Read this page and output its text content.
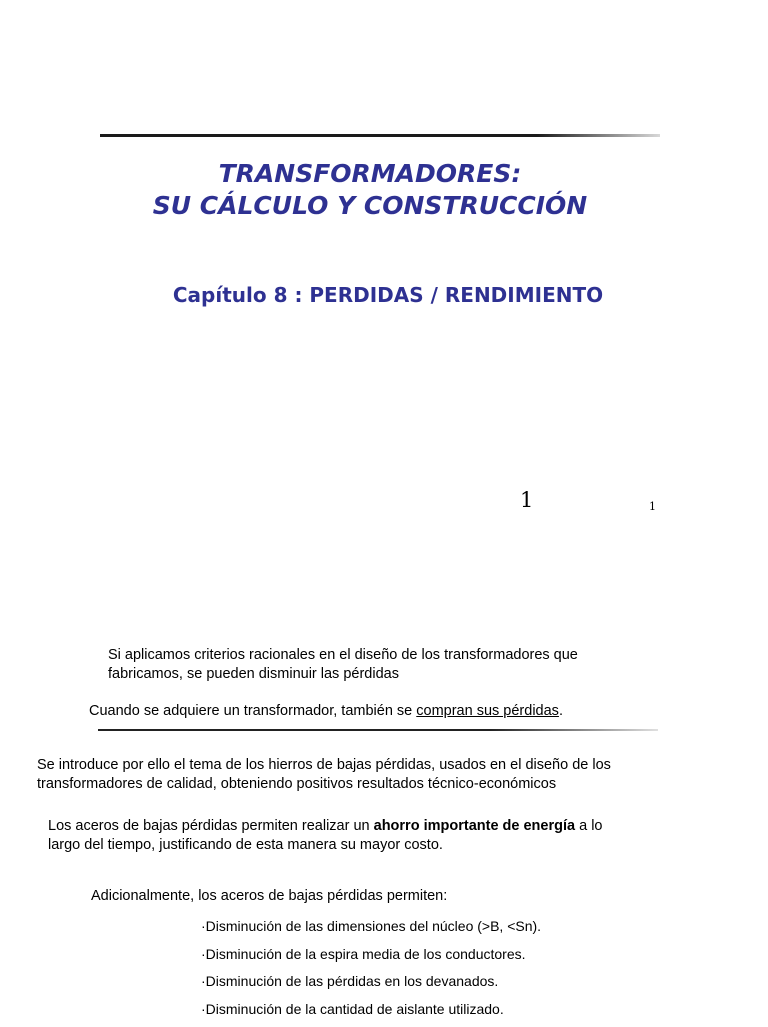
TRANSFORMADORES:
SU CÁLCULO Y CONSTRUCCIÓN
Capítulo 8 : PERDIDAS / RENDIMIENTO
1	1
Si aplicamos criterios racionales en el diseño de los transformadores que
fabricamos, se pueden disminuir las pérdidas
Cuando se adquiere un transformador, también se compran sus pérdidas.
Se introduce por ello el tema de los hierros de bajas pérdidas, usados en el diseño de los
transformadores de calidad, obteniendo positivos resultados técnico-económicos
Los aceros de bajas pérdidas permiten realizar un ahorro importante de energía a lo
largo del tiempo, justificando de esta manera su mayor costo.
Adicionalmente, los aceros de bajas pérdidas permiten:
·Disminución de las dimensiones del núcleo (>B, <Sn).
·Disminución de la espira media de los conductores.
·Disminución de las pérdidas en los devanados.
·Disminución de la cantidad de aislante utilizado.
